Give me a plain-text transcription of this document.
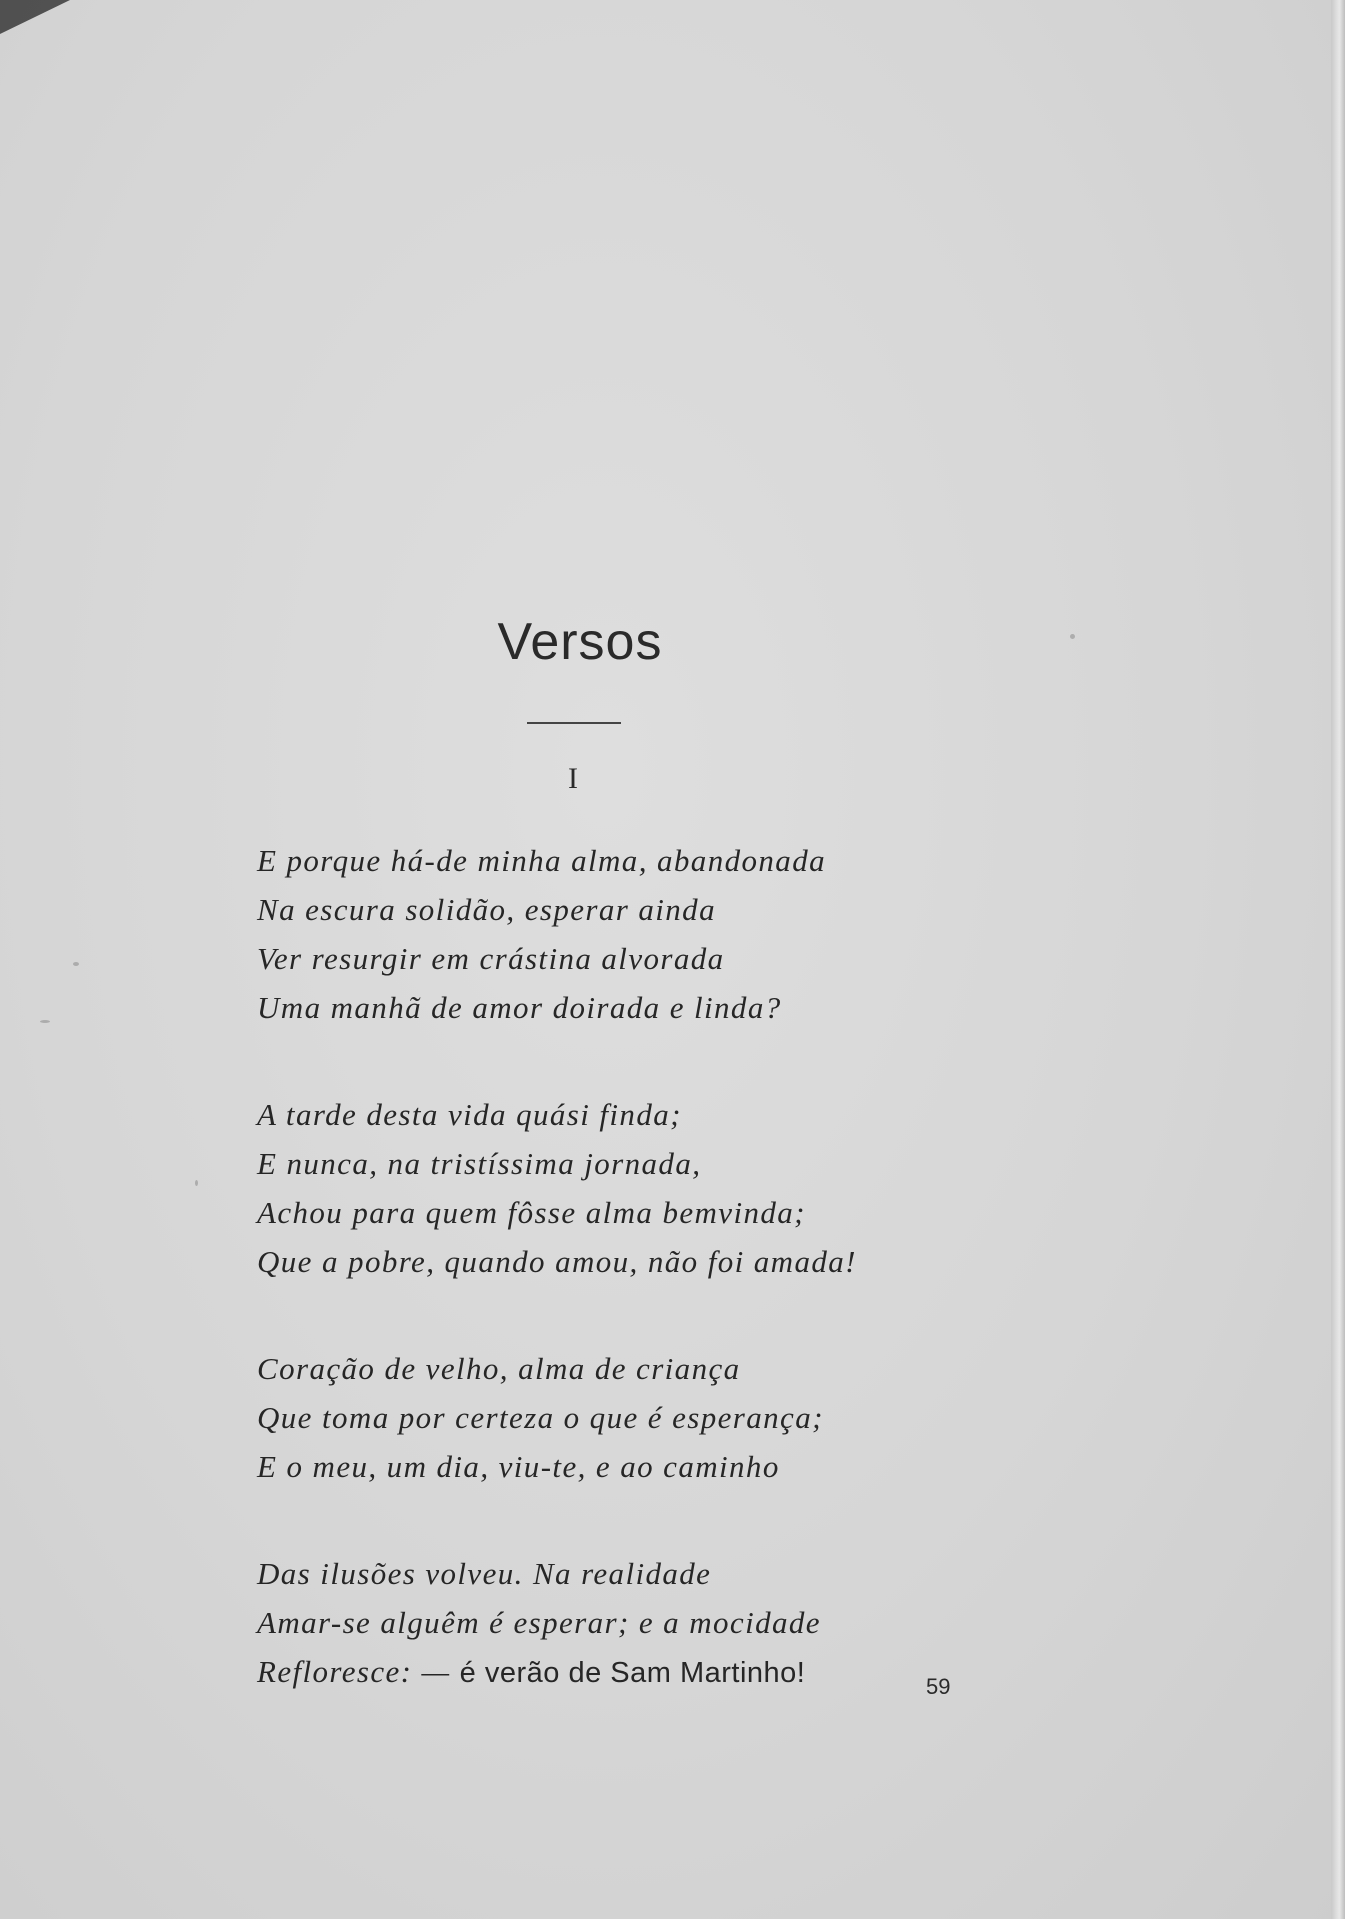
Versos
I
E porque há-de minha alma, abandonada
Na escura solidão, esperar ainda
Ver resurgir em crástina alvorada
Uma manhã de amor doirada e linda?
A tarde desta vida quási finda;
E nunca, na tristíssima jornada,
Achou para quem fôsse alma bemvinda;
Que a pobre, quando amou, não foi amada!
Coração de velho, alma de criança
Que toma por certeza o que é esperança;
E o meu, um dia, viu-te, e ao caminho
Das ilusões volveu. Na realidade
Amar-se alguêm é esperar; e a mocidade
Refloresce: — é verão de Sam Martinho!	59
